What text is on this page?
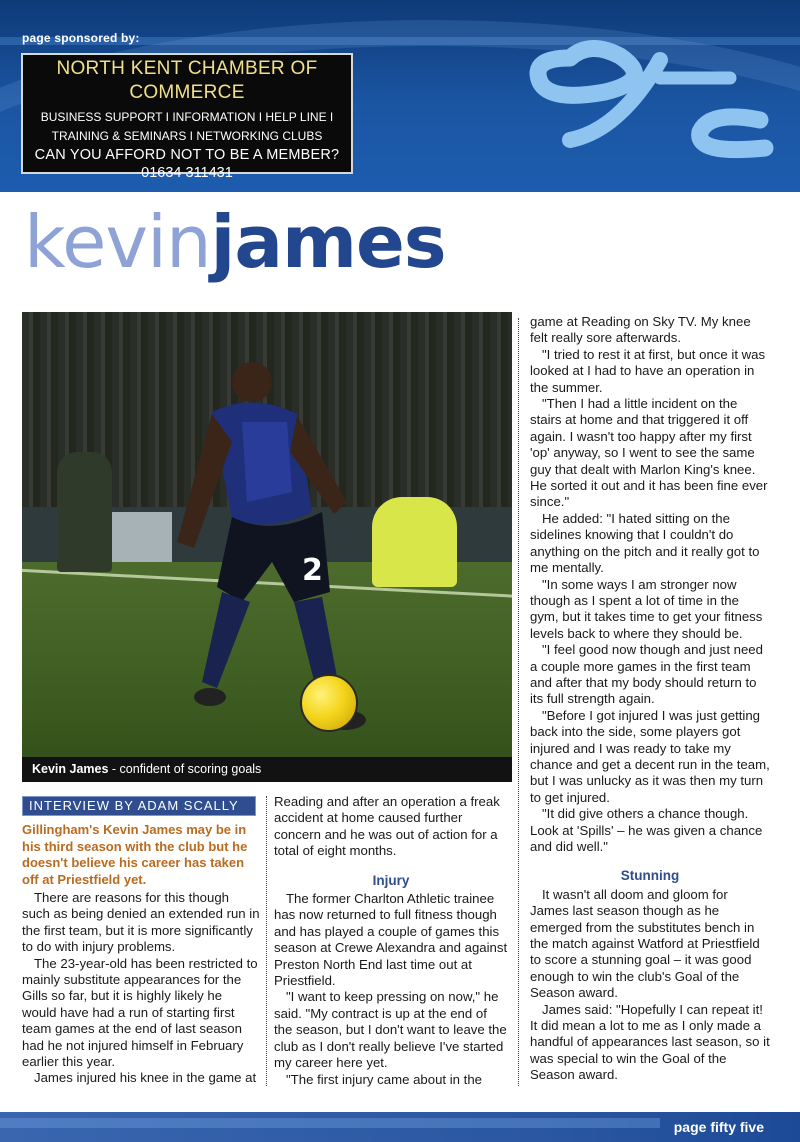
page sponsored by:
NORTH KENT CHAMBER OF
COMMERCE
BUSINESS SUPPORT I INFORMATION I HELP LINE I
TRAINING & SEMINARS I NETWORKING CLUBS
CAN YOU AFFORD NOT TO BE A MEMBER?
01634 311431
gfc
kevinjames
2
Kevin James - confident of scoring goals
INTERVIEW BY ADAM SCALLY
Gillingham's Kevin James may be in his third season with the club but he doesn't believe his career has taken off at Priestfield yet.

There are reasons for this though such as being denied an extended run in the first team, but it is more significantly to do with injury problems.

The 23-year-old has been restricted to mainly substitute appearances for the Gills so far, but it is highly likely he would have had a run of starting first team games at the end of last season had he not injured himself in February earlier this year.

James injured his knee in the game at

Reading and after an operation a freak accident at home caused further concern and he was out of action for a total of eight months.

Injury

The former Charlton Athletic trainee has now returned to full fitness though and has played a couple of games this season at Crewe Alexandra and against Preston North End last time out at Priestfield.

"I want to keep pressing on now," he said. "My contract is up at the end of the season, but I don't want to leave the club as I don't really believe I've started my career here yet.

"The first injury came about in the

game at Reading on Sky TV. My knee felt really sore afterwards.

"I tried to rest it at first, but once it was looked at I had to have an operation in the summer.

"Then I had a little incident on the stairs at home and that triggered it off again. I wasn't too happy after my first 'op' anyway, so I went to see the same guy that dealt with Marlon King's knee. He sorted it out and it has been fine ever since."

He added: "I hated sitting on the sidelines knowing that I couldn't do anything on the pitch and it really got to me mentally.

"In some ways I am stronger now though as I spent a lot of time in the gym, but it takes time to get your fitness levels back to where they should be.

"I feel good now though and just need a couple more games in the first team and after that my body should return to its full strength again.

"Before I got injured I was just getting back into the side, some players got injured and I was ready to take my chance and get a decent run in the team, but I was unlucky as it was then my turn to get injured.

"It did give others a chance though. Look at 'Spills' – he was given a chance and did well."

Stunning

It wasn't all doom and gloom for James last season though as he emerged from the substitutes bench in the match against Watford at Priestfield to score a stunning goal – it was good enough to win the club's Goal of the Season award.

James said: "Hopefully I can repeat it! It did mean a lot to me as I only made a handful of appearances last season, so it was special to win the Goal of the Season award.

page fifty five
